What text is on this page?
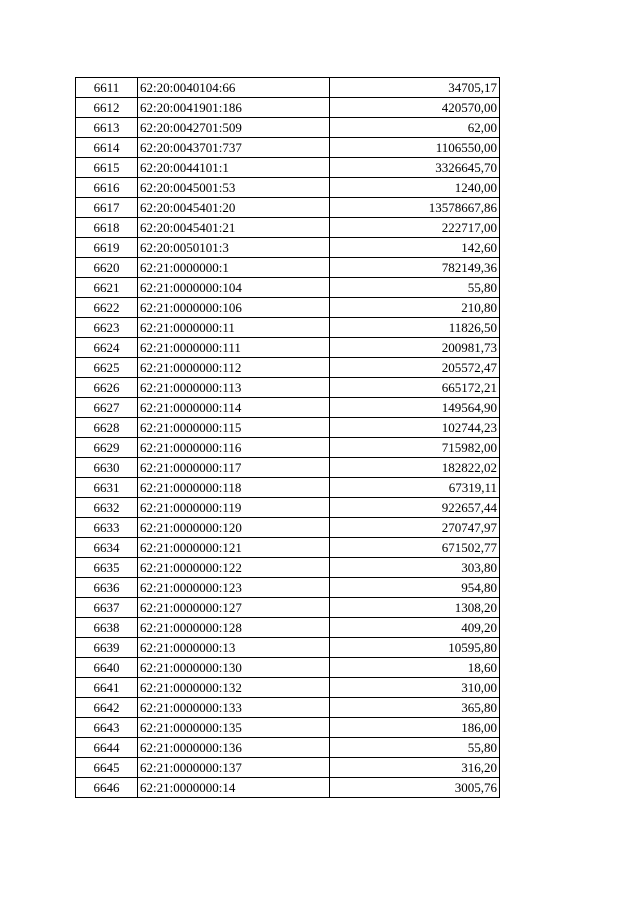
6611	62:20:0040104:66	34705,17
6612	62:20:0041901:186	420570,00
6613	62:20:0042701:509	62,00
6614	62:20:0043701:737	1106550,00
6615	62:20:0044101:1	3326645,70
6616	62:20:0045001:53	1240,00
6617	62:20:0045401:20	13578667,86
6618	62:20:0045401:21	222717,00
6619	62:20:0050101:3	142,60
6620	62:21:0000000:1	782149,36
6621	62:21:0000000:104	55,80
6622	62:21:0000000:106	210,80
6623	62:21:0000000:11	11826,50
6624	62:21:0000000:111	200981,73
6625	62:21:0000000:112	205572,47
6626	62:21:0000000:113	665172,21
6627	62:21:0000000:114	149564,90
6628	62:21:0000000:115	102744,23
6629	62:21:0000000:116	715982,00
6630	62:21:0000000:117	182822,02
6631	62:21:0000000:118	67319,11
6632	62:21:0000000:119	922657,44
6633	62:21:0000000:120	270747,97
6634	62:21:0000000:121	671502,77
6635	62:21:0000000:122	303,80
6636	62:21:0000000:123	954,80
6637	62:21:0000000:127	1308,20
6638	62:21:0000000:128	409,20
6639	62:21:0000000:13	10595,80
6640	62:21:0000000:130	18,60
6641	62:21:0000000:132	310,00
6642	62:21:0000000:133	365,80
6643	62:21:0000000:135	186,00
6644	62:21:0000000:136	55,80
6645	62:21:0000000:137	316,20
6646	62:21:0000000:14	3005,76
